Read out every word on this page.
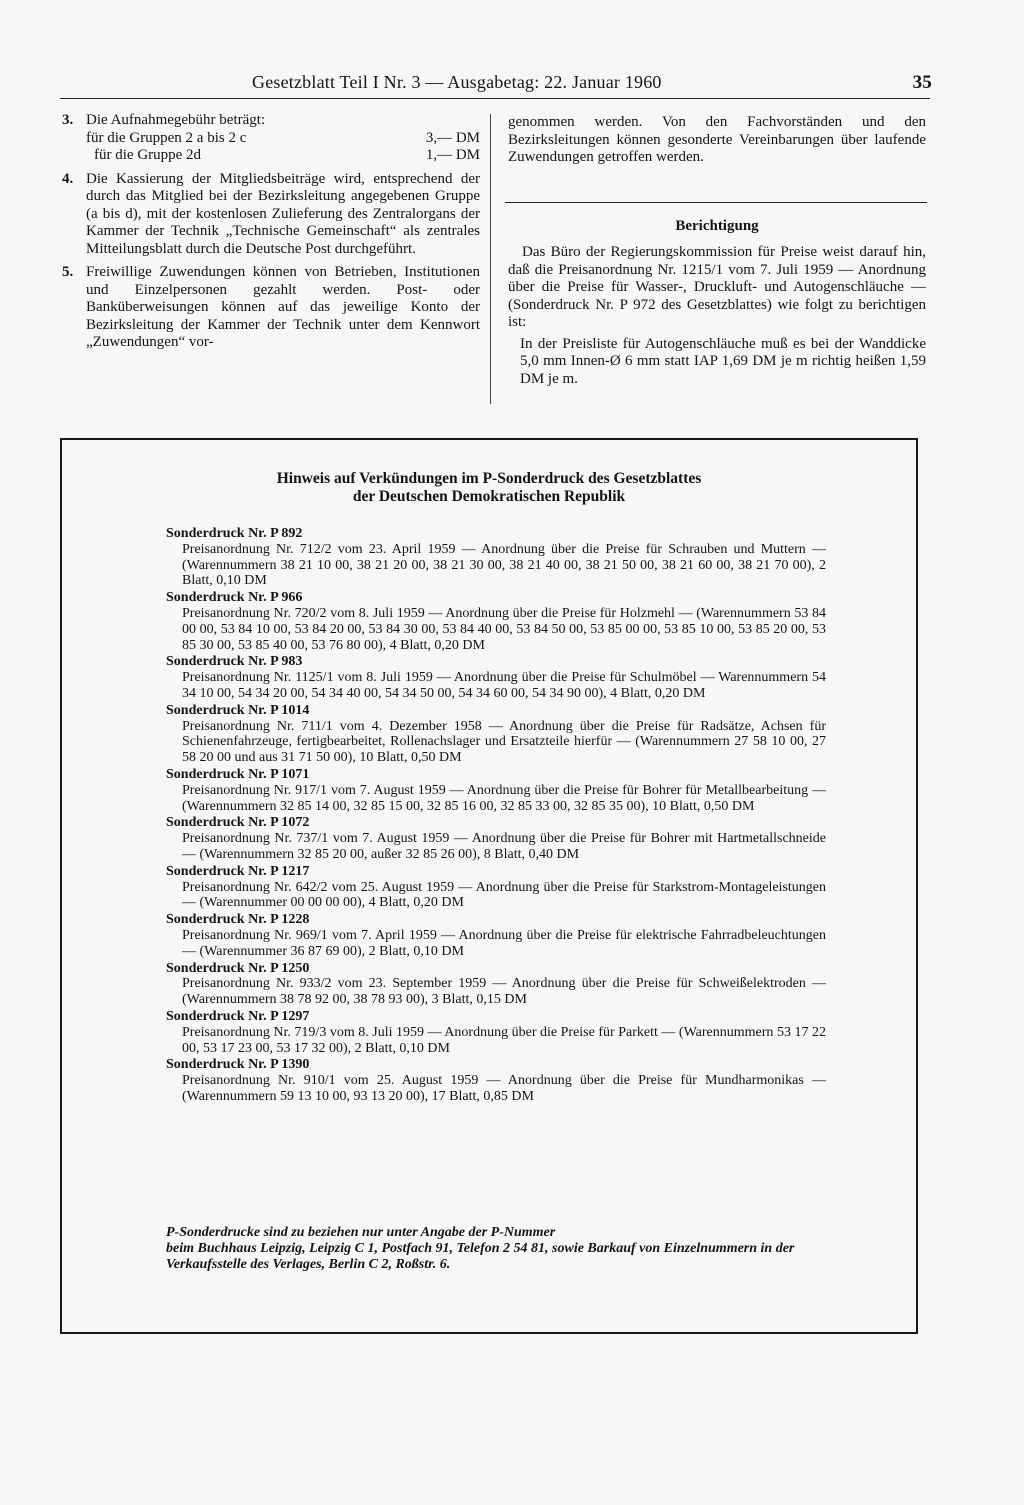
Gesetzblatt Teil I Nr. 3 — Ausgabetag: 22. Januar 1960	35
3. Die Aufnahmegebühr beträgt:
für die Gruppen 2 a bis 2 c	3,— DM
für die Gruppe 2d	1,— DM
4. Die Kassierung der Mitgliedsbeiträge wird, entsprechend der durch das Mitglied bei der Bezirksleitung angegebenen Gruppe (a bis d), mit der kostenlosen Zulieferung des Zentralorgans der Kammer der Technik „Technische Gemeinschaft“ als zentrales Mitteilungsblatt durch die Deutsche Post durchgeführt.
5. Freiwillige Zuwendungen können von Betrieben, Institutionen und Einzelpersonen gezahlt werden. Post- oder Banküberweisungen können auf das jeweilige Konto der Bezirksleitung der Kammer der Technik unter dem Kennwort „Zuwendungen“ vor-
genommen werden. Von den Fachvorständen und den Bezirksleitungen können gesonderte Vereinbarungen über laufende Zuwendungen getroffen werden.
Berichtigung

Das Büro der Regierungskommission für Preise weist darauf hin, daß die Preisanordnung Nr. 1215/1 vom 7. Juli 1959 — Anordnung über die Preise für Wasser-, Druckluft- und Autogenschläuche — (Sonderdruck Nr. P 972 des Gesetzblattes) wie folgt zu berichtigen ist:

In der Preisliste für Autogenschläuche muß es bei der Wanddicke 5,0 mm Innen-Ø 6 mm statt IAP 1,69 DM je m richtig heißen 1,59 DM je m.

Hinweis auf Verkündungen im P-Sonderdruck des Gesetzblattes
der Deutschen Demokratischen Republik
Sonderdruck Nr. P 892
Preisanordnung Nr. 712/2 vom 23. April 1959 — Anordnung über die Preise für Schrauben und Muttern — (Warennummern 38 21 10 00, 38 21 20 00, 38 21 30 00, 38 21 40 00, 38 21 50 00, 38 21 60 00, 38 21 70 00), 2 Blatt, 0,10 DM
Sonderdruck Nr. P 966
Preisanordnung Nr. 720/2 vom 8. Juli 1959 — Anordnung über die Preise für Holzmehl — (Warennummern 53 84 00 00, 53 84 10 00, 53 84 20 00, 53 84 30 00, 53 84 40 00, 53 84 50 00, 53 85 00 00, 53 85 10 00, 53 85 20 00, 53 85 30 00, 53 85 40 00, 53 76 80 00), 4 Blatt, 0,20 DM
Sonderdruck Nr. P 983
Preisanordnung Nr. 1125/1 vom 8. Juli 1959 — Anordnung über die Preise für Schulmöbel — Warennummern 54 34 10 00, 54 34 20 00, 54 34 40 00, 54 34 50 00, 54 34 60 00, 54 34 90 00), 4 Blatt, 0,20 DM
Sonderdruck Nr. P 1014
Preisanordnung Nr. 711/1 vom 4. Dezember 1958 — Anordnung über die Preise für Radsätze, Achsen für Schienenfahrzeuge, fertigbearbeitet, Rollenachslager und Ersatzteile hierfür — (Warennummern 27 58 10 00, 27 58 20 00 und aus 31 71 50 00), 10 Blatt, 0,50 DM
Sonderdruck Nr. P 1071
Preisanordnung Nr. 917/1 vom 7. August 1959 — Anordnung über die Preise für Bohrer für Metallbearbeitung — (Warennummern 32 85 14 00, 32 85 15 00, 32 85 16 00, 32 85 33 00, 32 85 35 00), 10 Blatt, 0,50 DM
Sonderdruck Nr. P 1072
Preisanordnung Nr. 737/1 vom 7. August 1959 — Anordnung über die Preise für Bohrer mit Hartmetallschneide — (Warennummern 32 85 20 00, außer 32 85 26 00), 8 Blatt, 0,40 DM
Sonderdruck Nr. P 1217
Preisanordnung Nr. 642/2 vom 25. August 1959 — Anordnung über die Preise für Starkstrom-Montageleistungen — (Warennummer 00 00 00 00), 4 Blatt, 0,20 DM
Sonderdruck Nr. P 1228
Preisanordnung Nr. 969/1 vom 7. April 1959 — Anordnung über die Preise für elektrische Fahrradbeleuchtungen — (Warennummer 36 87 69 00), 2 Blatt, 0,10 DM
Sonderdruck Nr. P 1250
Preisanordnung Nr. 933/2 vom 23. September 1959 — Anordnung über die Preise für Schweißelektroden — (Warennummern 38 78 92 00, 38 78 93 00), 3 Blatt, 0,15 DM
Sonderdruck Nr. P 1297
Preisanordnung Nr. 719/3 vom 8. Juli 1959 — Anordnung über die Preise für Parkett — (Warennummern 53 17 22 00, 53 17 23 00, 53 17 32 00), 2 Blatt, 0,10 DM
Sonderdruck Nr. P 1390
Preisanordnung Nr. 910/1 vom 25. August 1959 — Anordnung über die Preise für Mundharmonikas — (Warennummern 59 13 10 00, 93 13 20 00), 17 Blatt, 0,85 DM
P-Sonderdrucke sind zu beziehen nur unter Angabe der P-Nummer
beim Buchhaus Leipzig, Leipzig C 1, Postfach 91, Telefon 2 54 81, sowie Barkauf von Einzelnummern in der Verkaufsstelle des Verlages, Berlin C 2, Roßstr. 6.
